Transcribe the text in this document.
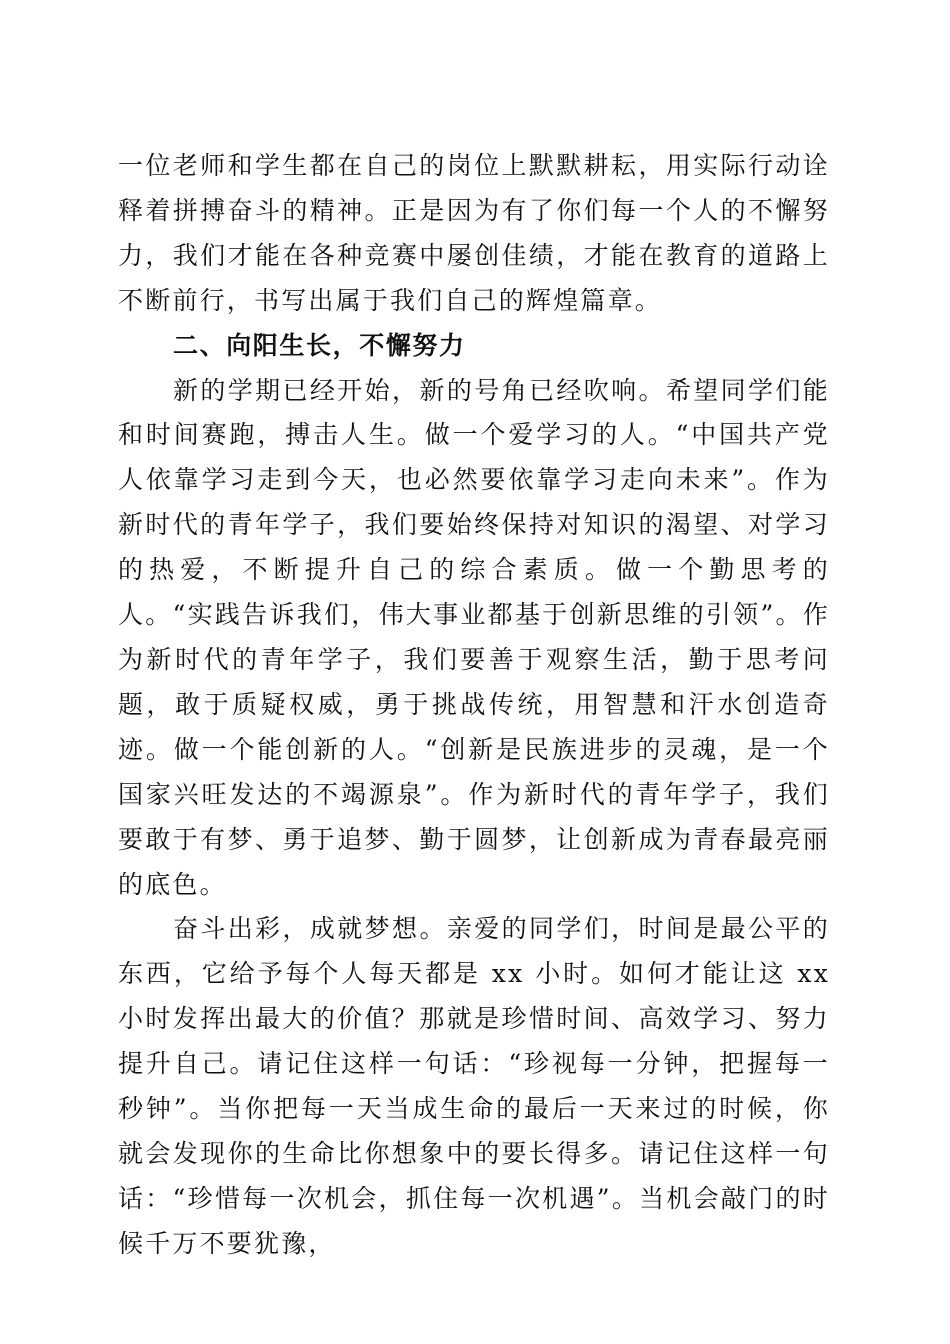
一位老师和学生都在自己的岗位上默默耕耘，用实际行动诠释着拼搏奋斗的精神。正是因为有了你们每一个人的不懈努力，我们才能在各种竞赛中屡创佳绩，才能在教育的道路上不断前行，书写出属于我们自己的辉煌篇章。

二、向阳生长，不懈努力

新的学期已经开始，新的号角已经吹响。希望同学们能和时间赛跑，搏击人生。做一个爱学习的人。“中国共产党人依靠学习走到今天，也必然要依靠学习走向未来”。作为新时代的青年学子，我们要始终保持对知识的渴望、对学习的热爱，不断提升自己的综合素质。做一个勤思考的人。“实践告诉我们，伟大事业都基于创新思维的引领”。作为新时代的青年学子，我们要善于观察生活，勤于思考问题，敢于质疑权威，勇于挑战传统，用智慧和汗水创造奇迹。做一个能创新的人。“创新是民族进步的灵魂，是一个国家兴旺发达的不竭源泉”。作为新时代的青年学子，我们要敢于有梦、勇于追梦、勤于圆梦，让创新成为青春最亮丽的底色。

奋斗出彩，成就梦想。亲爱的同学们，时间是最公平的东西，它给予每个人每天都是 xx 小时。如何才能让这 xx 小时发挥出最大的价值？那就是珍惜时间、高效学习、努力提升自己。请记住这样一句话：“珍视每一分钟，把握每一秒钟”。当你把每一天当成生命的最后一天来过的时候，你就会发现你的生命比你想象中的要长得多。请记住这样一句话：“珍惜每一次机会，抓住每一次机遇”。当机会敲门的时候千万不要犹豫，
